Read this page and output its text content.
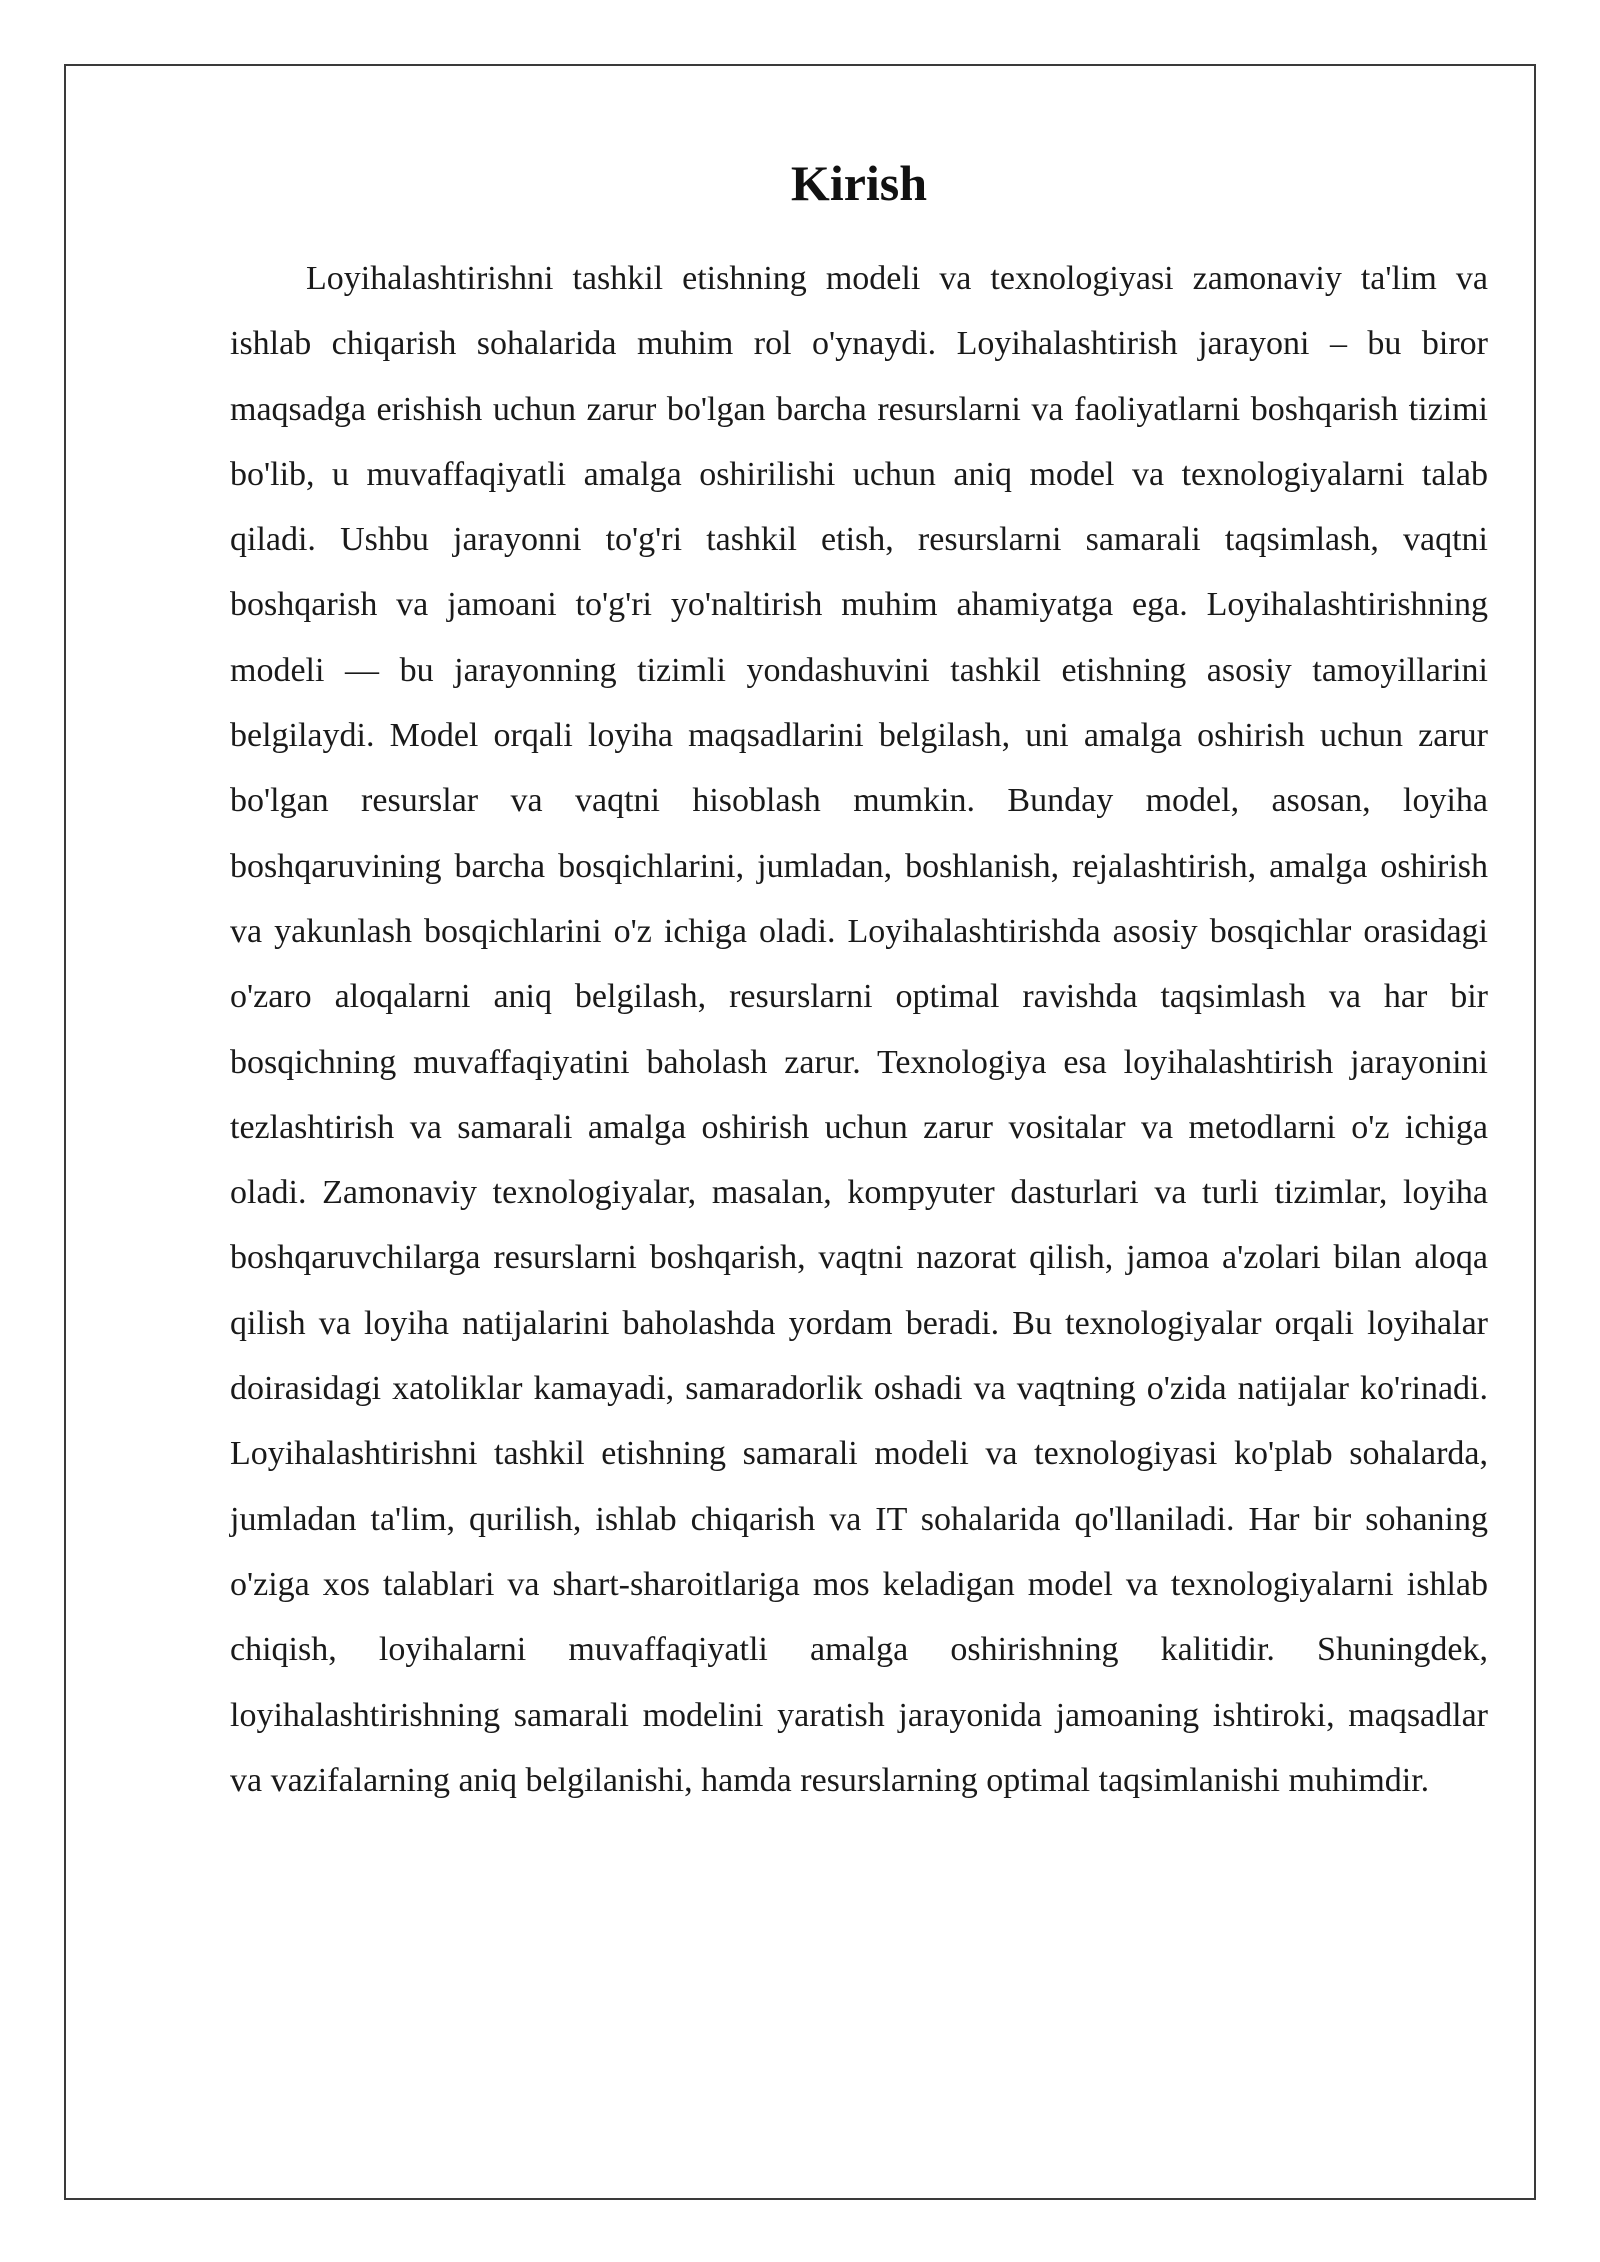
Kirish

Loyihalashtirishni tashkil etishning modeli va texnologiyasi zamonaviy ta'lim va ishlab chiqarish sohalarida muhim rol o'ynaydi. Loyihalashtirish jarayoni – bu biror maqsadga erishish uchun zarur bo'lgan barcha resurslarni va faoliyatlarni boshqarish tizimi bo'lib, u muvaffaqiyatli amalga oshirilishi uchun aniq model va texnologiyalarni talab qiladi. Ushbu jarayonni to'g'ri tashkil etish, resurslarni samarali taqsimlash, vaqtni boshqarish va jamoani to'g'ri yo'naltirish muhim ahamiyatga ega. Loyihalashtirishning modeli — bu jarayonning tizimli yondashuvini tashkil etishning asosiy tamoyillarini belgilaydi. Model orqali loyiha maqsadlarini belgilash, uni amalga oshirish uchun zarur bo'lgan resurslar va vaqtni hisoblash mumkin. Bunday model, asosan, loyiha boshqaruvining barcha bosqichlarini, jumladan, boshlanish, rejalashtirish, amalga oshirish va yakunlash bosqichlarini o'z ichiga oladi. Loyihalashtirishda asosiy bosqichlar orasidagi o'zaro aloqalarni aniq belgilash, resurslarni optimal ravishda taqsimlash va har bir bosqichning muvaffaqiyatini baholash zarur. Texnologiya esa loyihalashtirish jarayonini tezlashtirish va samarali amalga oshirish uchun zarur vositalar va metodlarni o'z ichiga oladi. Zamonaviy texnologiyalar, masalan, kompyuter dasturlari va turli tizimlar, loyiha boshqaruvchilarga resurslarni boshqarish, vaqtni nazorat qilish, jamoa a'zolari bilan aloqa qilish va loyiha natijalarini baholashda yordam beradi. Bu texnologiyalar orqali loyihalar doirasidagi xatoliklar kamayadi, samaradorlik oshadi va vaqtning o'zida natijalar ko'rinadi. Loyihalashtirishni tashkil etishning samarali modeli va texnologiyasi ko'plab sohalarda, jumladan ta'lim, qurilish, ishlab chiqarish va IT sohalarida qo'llaniladi. Har bir sohaning o'ziga xos talablari va shart-sharoitlariga mos keladigan model va texnologiyalarni ishlab chiqish, loyihalarni muvaffaqiyatli amalga oshirishning kalitidir. Shuningdek, loyihalashtirishning samarali modelini yaratish jarayonida jamoaning ishtiroki, maqsadlar va vazifalarning aniq belgilanishi, hamda resurslarning optimal taqsimlanishi muhimdir.
